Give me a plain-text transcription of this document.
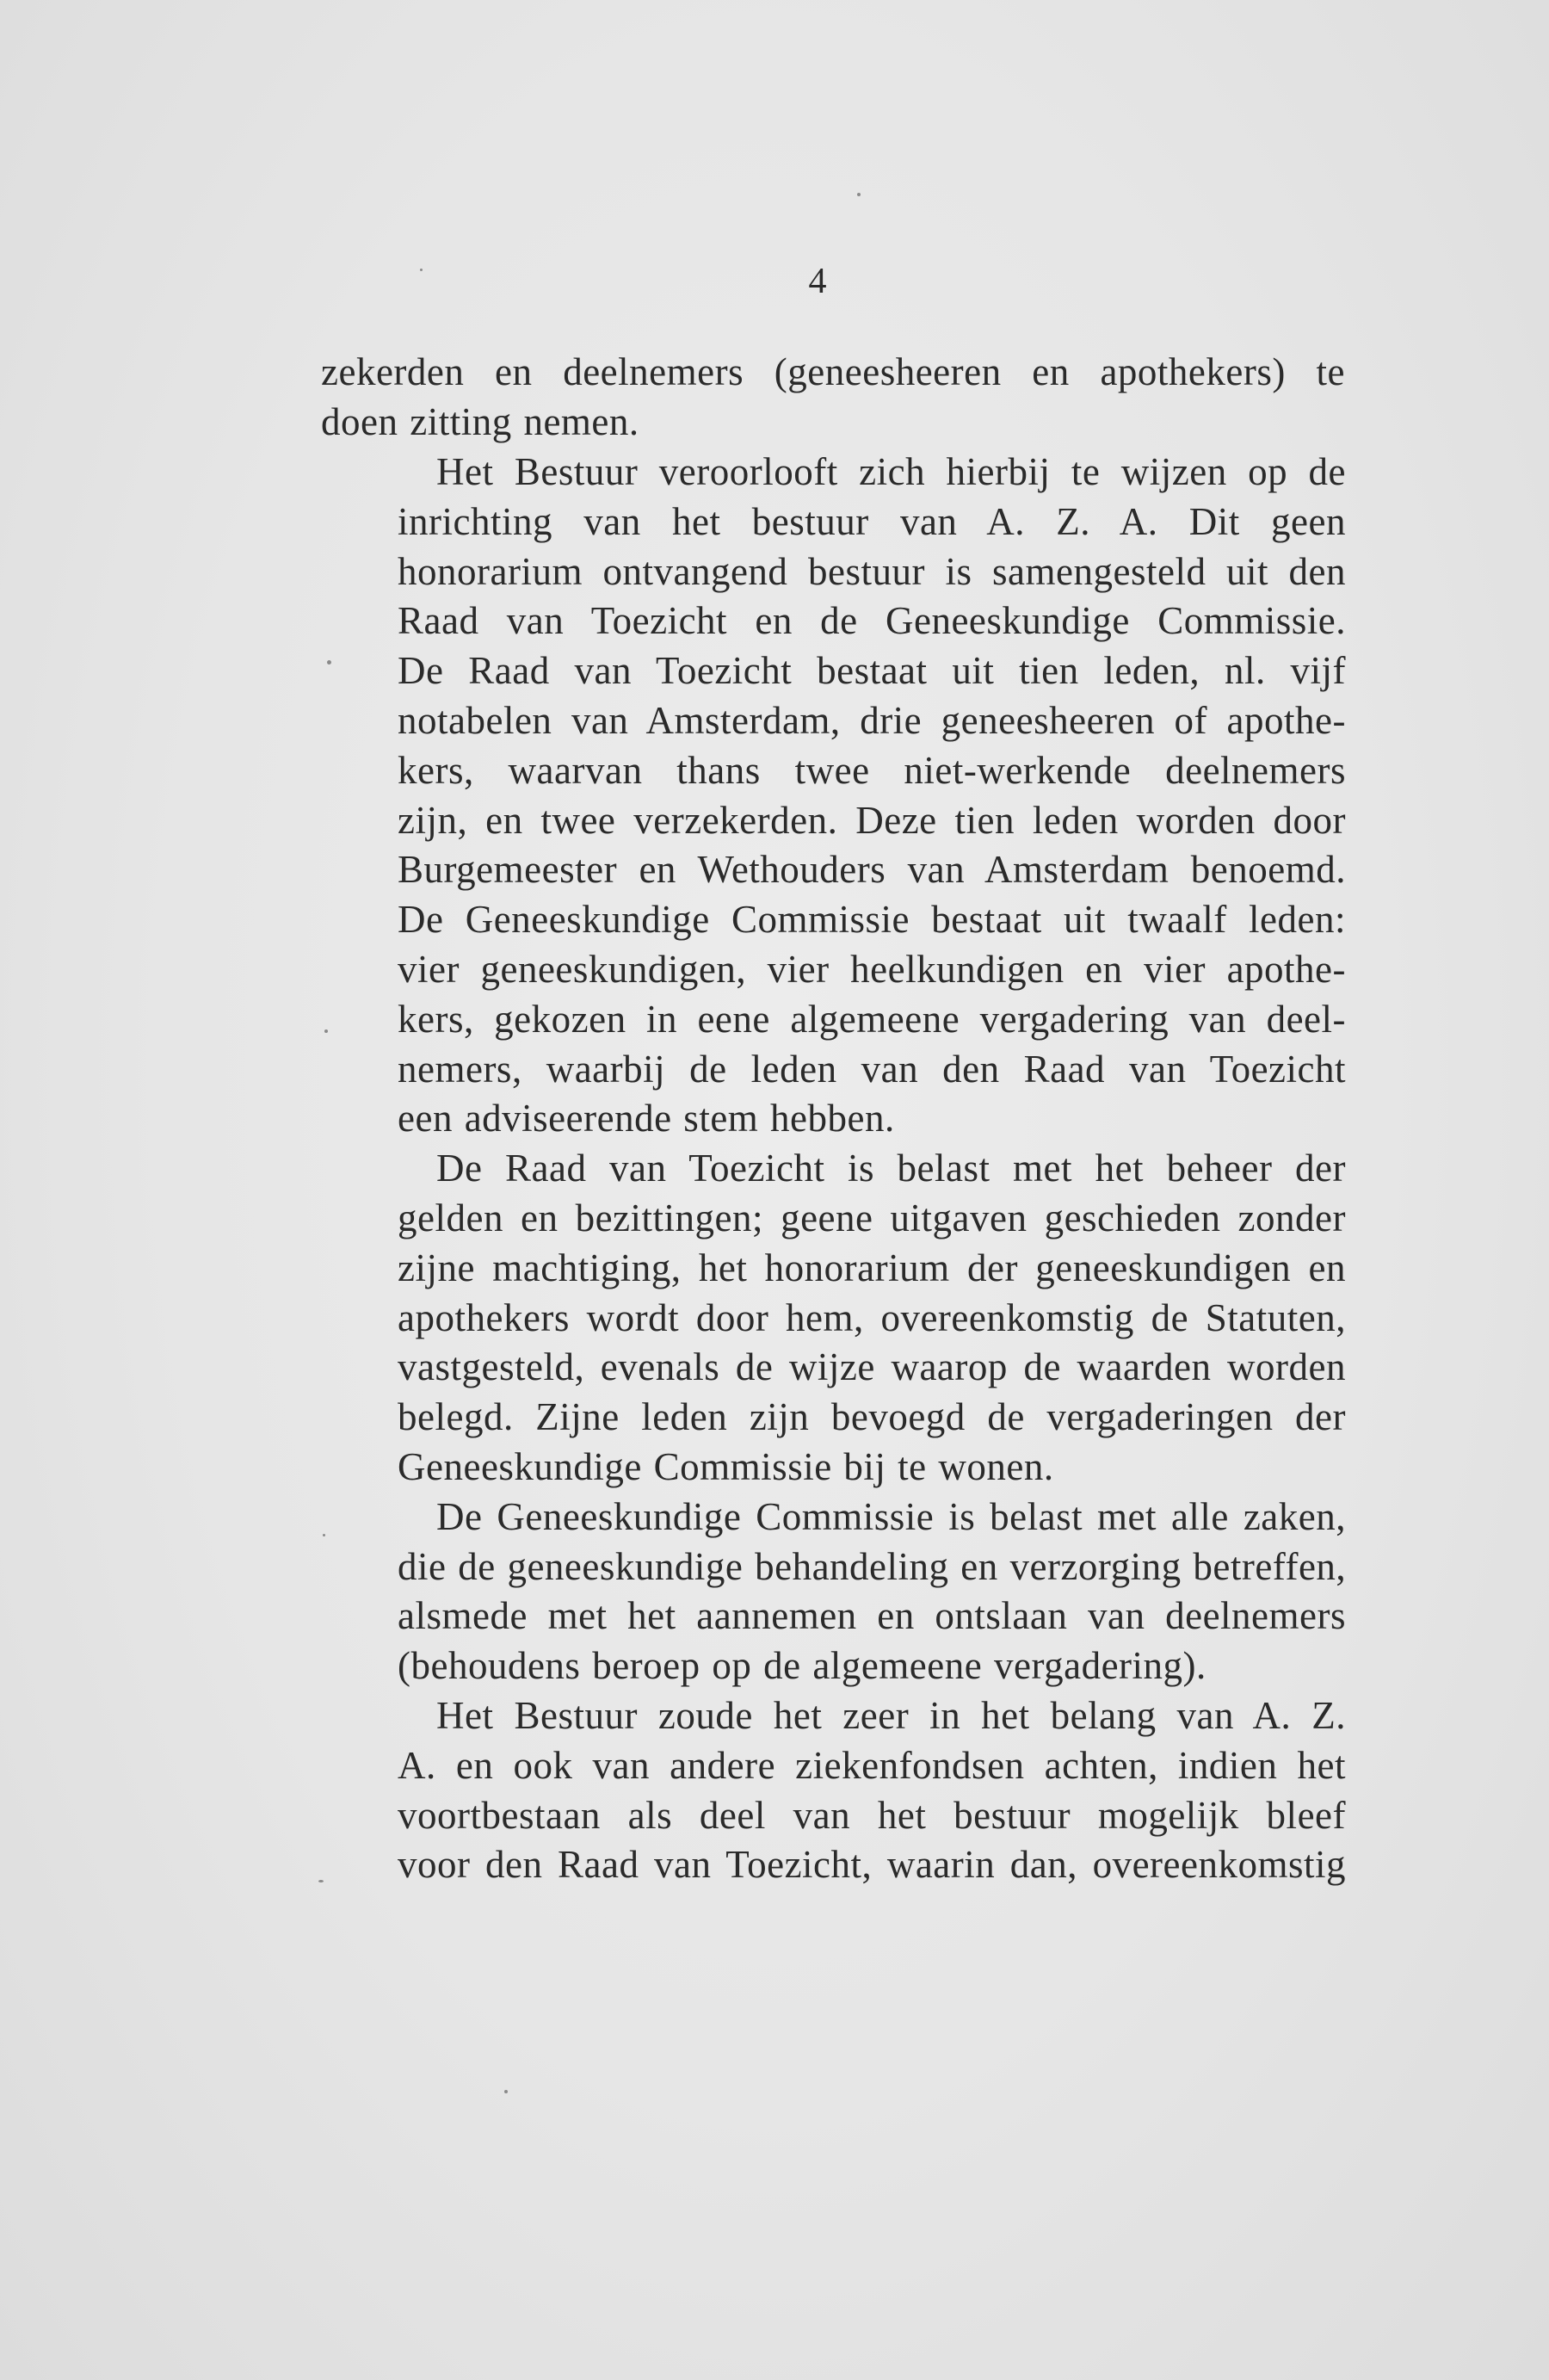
4
zekerden en deelnemers (geneesheeren en apothekers) te
doen zitting nemen.
Het Bestuur veroorlooft zich hierbij te wijzen op de
inrichting van het bestuur van A. Z. A. Dit geen
honorarium ontvangend bestuur is samengesteld uit den
Raad van Toezicht en de Geneeskundige Commissie.
De Raad van Toezicht bestaat uit tien leden, nl. vijf
notabelen van Amsterdam, drie geneesheeren of apothe-
kers, waarvan thans twee niet-werkende deelnemers
zijn, en twee verzekerden. Deze tien leden worden door
Burgemeester en Wethouders van Amsterdam benoemd.
De Geneeskundige Commissie bestaat uit twaalf leden:
vier geneeskundigen, vier heelkundigen en vier apothe-
kers, gekozen in eene algemeene vergadering van deel-
nemers, waarbij de leden van den Raad van Toezicht
een adviseerende stem hebben.
De Raad van Toezicht is belast met het beheer der
gelden en bezittingen; geene uitgaven geschieden zonder
zijne machtiging, het honorarium der geneeskundigen en
apothekers wordt door hem, overeenkomstig de Statuten,
vastgesteld, evenals de wijze waarop de waarden worden
belegd. Zijne leden zijn bevoegd de vergaderingen der
Geneeskundige Commissie bij te wonen.
De Geneeskundige Commissie is belast met alle zaken,
die de geneeskundige behandeling en verzorging betreffen,
alsmede met het aannemen en ontslaan van deelnemers
(behoudens beroep op de algemeene vergadering).
Het Bestuur zoude het zeer in het belang van A. Z.
A. en ook van andere ziekenfondsen achten, indien het
voortbestaan als deel van het bestuur mogelijk bleef
voor den Raad van Toezicht, waarin dan, overeenkomstig
